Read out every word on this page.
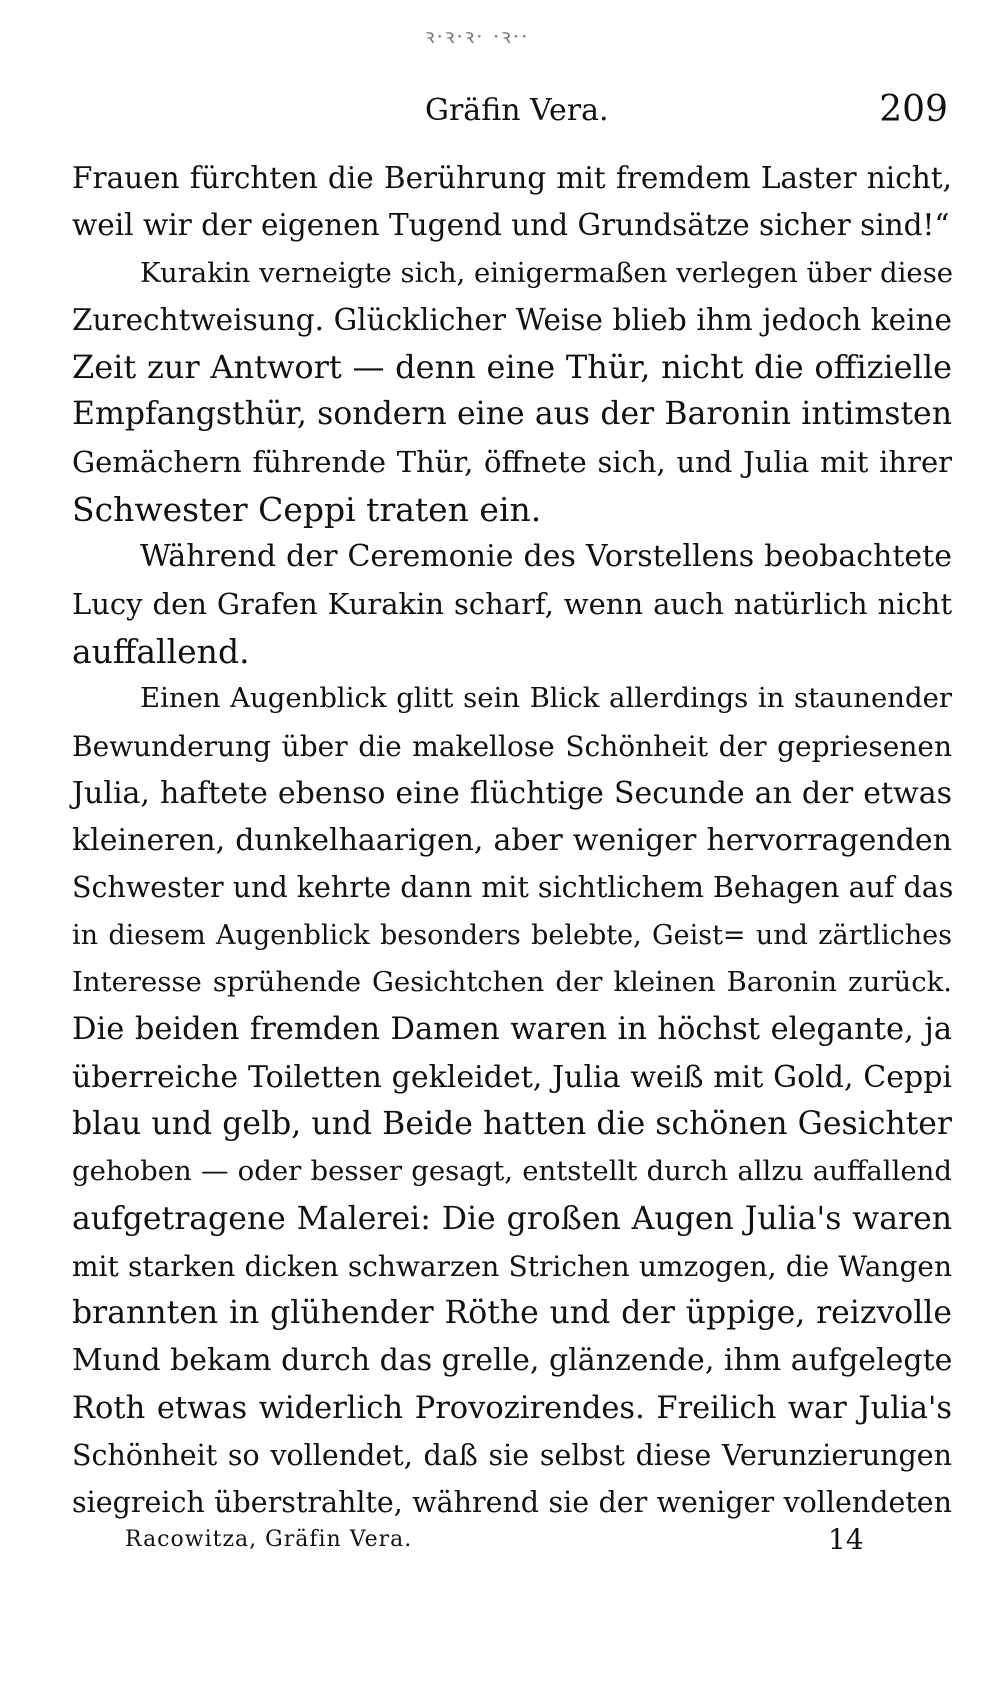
ꝛ·ꝛ·ꝛ· ·ꝛ··
Gräfin Vera.	209
Frauen fürchten die Berührung mit fremdem Laster nicht,
weil wir der eigenen Tugend und Grundsätze sicher sind!“
Kurakin verneigte sich, einigermaßen verlegen über diese
Zurechtweisung. Glücklicher Weise blieb ihm jedoch keine
Zeit zur Antwort — denn eine Thür, nicht die offizielle
Empfangsthür, sondern eine aus der Baronin intimsten
Gemächern führende Thür, öffnete sich, und Julia mit ihrer
Schwester Ceppi traten ein.
Während der Ceremonie des Vorstellens beobachtete
Lucy den Grafen Kurakin scharf, wenn auch natürlich nicht
auffallend.
Einen Augenblick glitt sein Blick allerdings in staunender
Bewunderung über die makellose Schönheit der gepriesenen
Julia, haftete ebenso eine flüchtige Secunde an der etwas
kleineren, dunkelhaarigen, aber weniger hervorragenden
Schwester und kehrte dann mit sichtlichem Behagen auf das
in diesem Augenblick besonders belebte, Geist= und zärtliches
Interesse sprühende Gesichtchen der kleinen Baronin zurück.
Die beiden fremden Damen waren in höchst elegante, ja
überreiche Toiletten gekleidet, Julia weiß mit Gold, Ceppi
blau und gelb, und Beide hatten die schönen Gesichter
gehoben — oder besser gesagt, entstellt durch allzu auffallend
aufgetragene Malerei: Die großen Augen Julia's waren
mit starken dicken schwarzen Strichen umzogen, die Wangen
brannten in glühender Röthe und der üppige, reizvolle
Mund bekam durch das grelle, glänzende, ihm aufgelegte
Roth etwas widerlich Provozirendes. Freilich war Julia's
Schönheit so vollendet, daß sie selbst diese Verunzierungen
siegreich überstrahlte, während sie der weniger vollendeten
Racowitza, Gräfin Vera.	14
